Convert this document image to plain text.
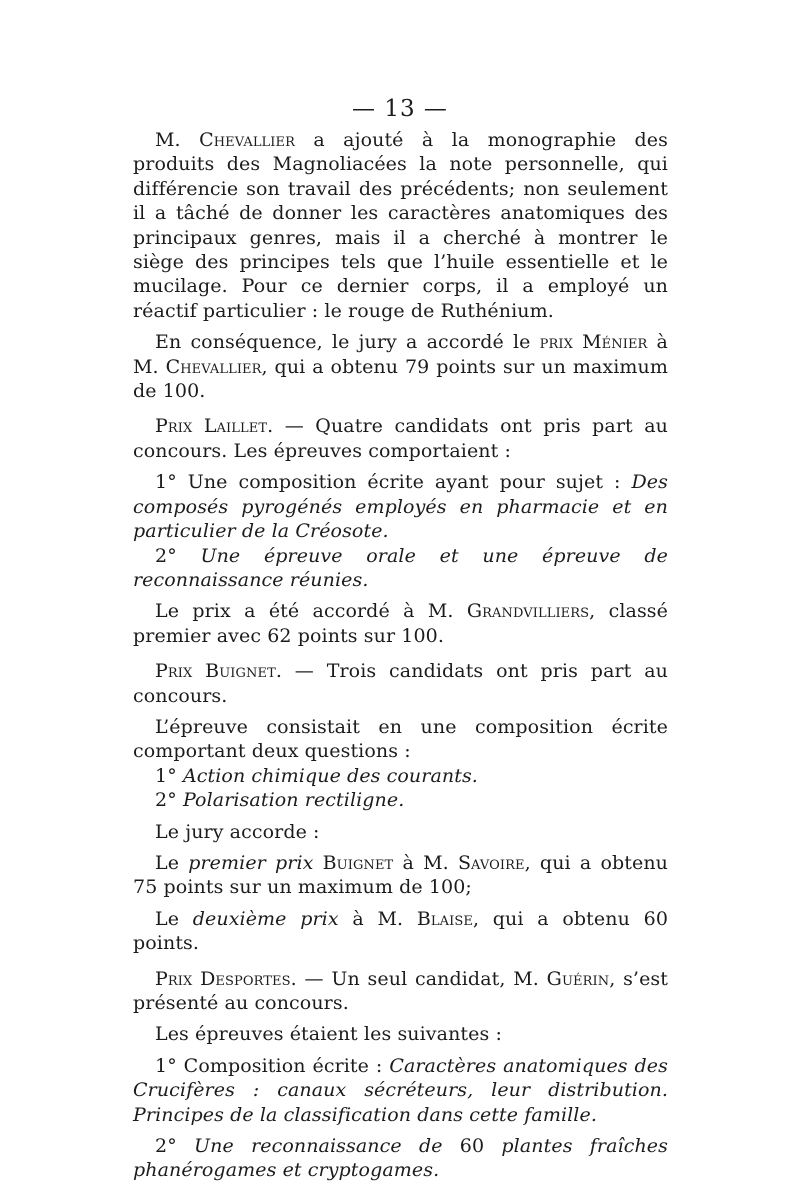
— 13 —

M. Chevallier a ajouté à la monographie des produits des Magnoliacées la note personnelle, qui différencie son travail des précédents; non seulement il a tâché de donner les caractères anatomiques des principaux genres, mais il a cherché à montrer le siège des principes tels que l’huile essentielle et le mucilage. Pour ce dernier corps, il a employé un réactif particulier : le rouge de Ruthénium.

En conséquence, le jury a accordé le prix Ménier à M. Chevallier, qui a obtenu 79 points sur un maximum de 100.

Prix Laillet. — Quatre candidats ont pris part au concours. Les épreuves comportaient :

1° Une composition écrite ayant pour sujet : Des composés pyrogénés employés en pharmacie et en particulier de la Créosote.

2° Une épreuve orale et une épreuve de reconnaissance réunies.

Le prix a été accordé à M. Grandvilliers, classé premier avec 62 points sur 100.

Prix Buignet. — Trois candidats ont pris part au concours.

L’épreuve consistait en une composition écrite comportant deux questions :

1° Action chimique des courants.

2° Polarisation rectiligne.

Le jury accorde :

Le premier prix Buignet à M. Savoire, qui a obtenu 75 points sur un maximum de 100;

Le deuxième prix à M. Blaise, qui a obtenu 60 points.

Prix Desportes. — Un seul candidat, M. Guérin, s’est présenté au concours.

Les épreuves étaient les suivantes :

1° Composition écrite : Caractères anatomiques des Crucifères : canaux sécréteurs, leur distribution. Principes de la classification dans cette famille.

2° Une reconnaissance de 60 plantes fraîches phanérogames et cryptogames.
